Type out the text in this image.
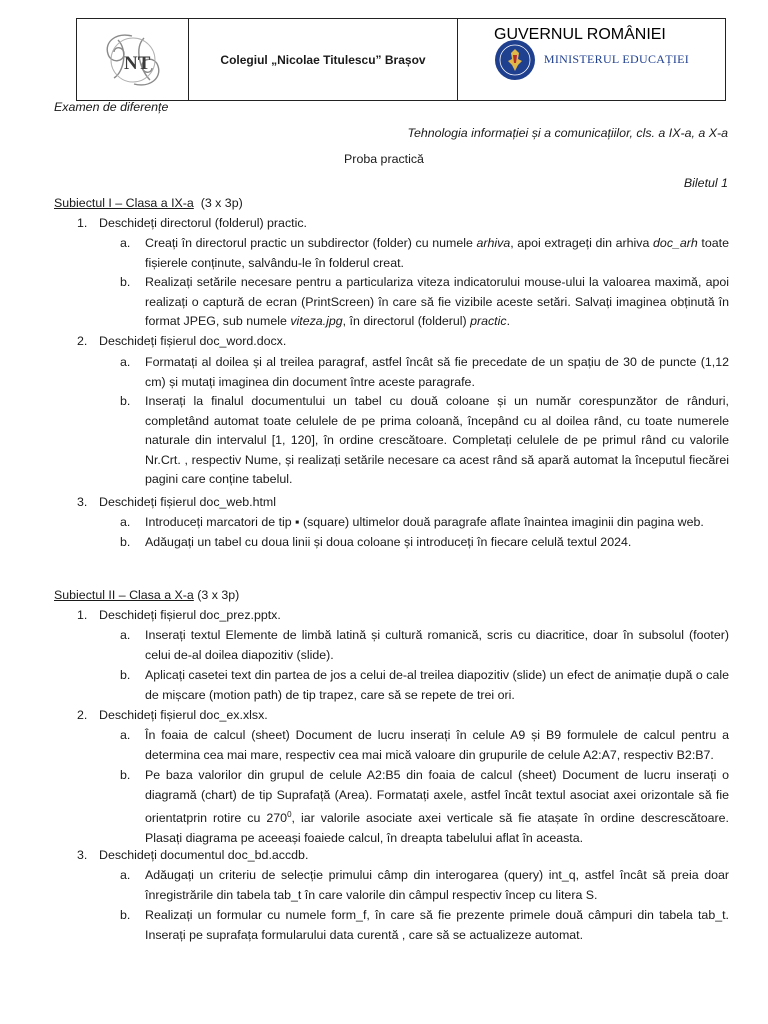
NT	Colegiul „Nicolae Titulescu” Brașov
GUVERNUL ROMÂNIEI
MINISTERUL EDUCAȚIEI
Examen de diferențe
Tehnologia informației și a comunicațiilor, cls. a IX-a, a X-a
Proba practică
Biletul 1
Subiectul I – Clasa a IX-a (3 x 3p)
1. Deschideți directorul (folderul) practic.
a. Creați în directorul practic un subdirector (folder) cu numele arhiva, apoi extrageți din arhiva doc_arh toate fișierele conținute, salvându-le în folderul creat.
b. Realizați setările necesare pentru a particulariza viteza indicatorului mouse-ului la valoarea maximă, apoi realizați o captură de ecran (PrintScreen) în care să fie vizibile aceste setări. Salvați imaginea obținută în format JPEG, sub numele viteza.jpg, în directorul (folderul) practic.
2. Deschideți fișierul doc_word.docx.
a. Formatați al doilea și al treilea paragraf, astfel încât să fie precedate de un spațiu de 30 de puncte (1,12 cm) și mutați imaginea din document între aceste paragrafe.
b. Inserați la finalul documentului un tabel cu două coloane și un număr corespunzător de rânduri, completând automat toate celulele de pe prima coloană, începând cu al doilea rând, cu toate numerele naturale din intervalul [1, 120], în ordine crescătoare. Completați celulele de pe primul rând cu valorile Nr.Crt. , respectiv Nume, și realizați setările necesare ca acest rând să apară automat la începutul fiecărei pagini care conține tabelul.
3. Deschideți fișierul doc_web.html
a. Introduceți marcatori de tip ▪ (square) ultimelor două paragrafe aflate înaintea imaginii din pagina web.
b. Adăugați un tabel cu doua linii și doua coloane și introduceți în fiecare celulă textul 2024.
Subiectul II – Clasa a X-a (3 x 3p)
1. Deschideți fișierul doc_prez.pptx.
a. Inserați textul Elemente de limbă latină și cultură romanică, scris cu diacritice, doar în subsolul (footer) celui de-al doilea diapozitiv (slide).
b. Aplicați casetei text din partea de jos a celui de-al treilea diapozitiv (slide) un efect de animație după o cale de mișcare (motion path) de tip trapez, care să se repete de trei ori.
2. Deschideți fișierul doc_ex.xlsx.
a. În foaia de calcul (sheet) Document de lucru inserați în celule A9 și B9 formulele de calcul pentru a determina cea mai mare, respectiv cea mai mică valoare din grupurile de celule A2:A7, respectiv B2:B7.
b. Pe baza valorilor din grupul de celule A2:B5 din foaia de calcul (sheet) Document de lucru inserați o diagramă (chart) de tip Suprafață (Area). Formatați axele, astfel încât textul asociat axei orizontale să fie orientatprin rotire cu $270^0$, iar valorile asociate axei verticale să fie atașate în ordine descrescătoare. Plasați diagrama pe aceeași foaiede calcul, în dreapta tabelului aflat în aceasta.
3. Deschideți documentul doc_bd.accdb.
a. Adăugați un criteriu de selecție primului câmp din interogarea (query) int_q, astfel încât să preia doar înregistrările din tabela tab_t în care valorile din câmpul respectiv încep cu litera S.
b. Realizați un formular cu numele form_f, în care să fie prezente primele două câmpuri din tabela tab_t. Inserați pe suprafața formularului data curentă , care să se actualizeze automat.
